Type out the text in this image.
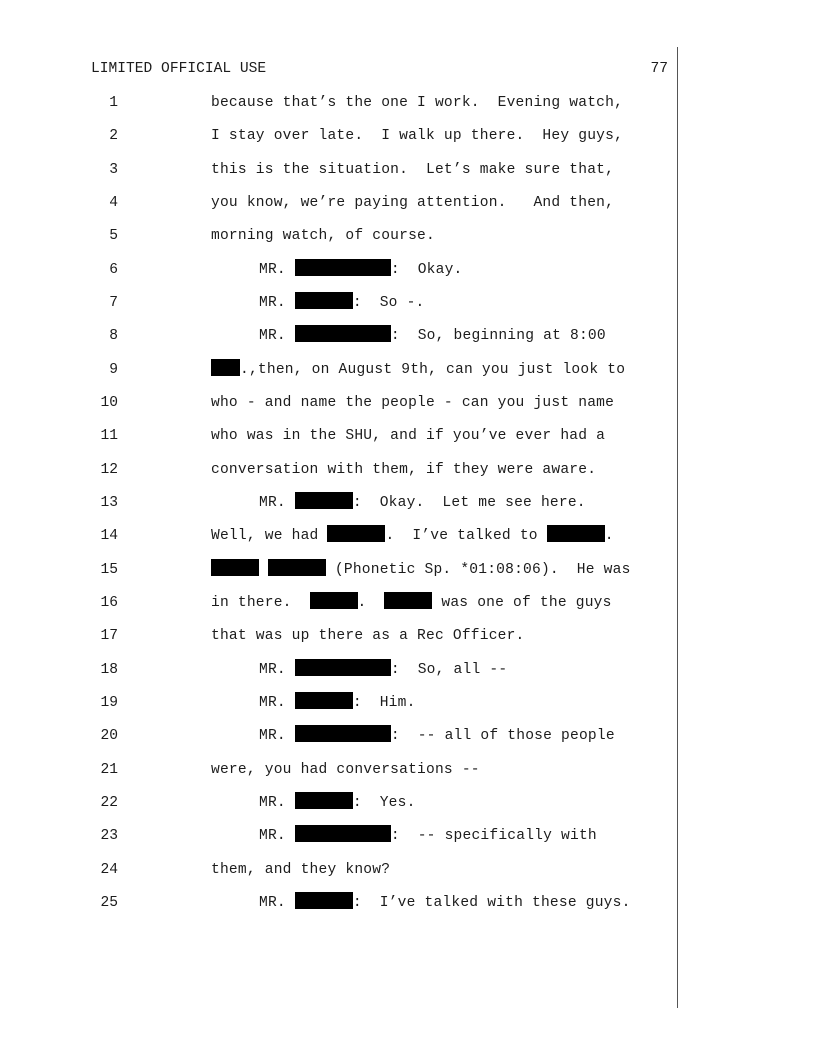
LIMITED OFFICIAL USE	77
1	because that’s the one I work.  Evening watch,
2	I stay over late.  I walk up there.  Hey guys,
3	this is the situation.  Let’s make sure that,
4	you know, we’re paying attention.   And then,
5	morning watch, of course.
6	MR.	:  Okay.
7	MR.	:  So -.
8	MR.	:  So, beginning at 8:00
9	.,then, on August 9th, can you just look to
10	who - and name the people - can you just name
11	who was in the SHU, and if you’ve ever had a
12	conversation with them, if they were aware.
13	MR.	:  Okay.  Let me see here.
14	Well, we had	.  I’ve talked to	.
15	(Phonetic Sp. *01:08:06).  He was
16	in there.	.	was one of the guys
17	that was up there as a Rec Officer.
18	MR.	:  So, all --
19	MR.	:  Him.
20	MR.	:  -- all of those people
21	were, you had conversations --
22	MR.	:  Yes.
23	MR.	:  -- specifically with
24	them, and they know?
25	MR.	:  I’ve talked with these guys.
